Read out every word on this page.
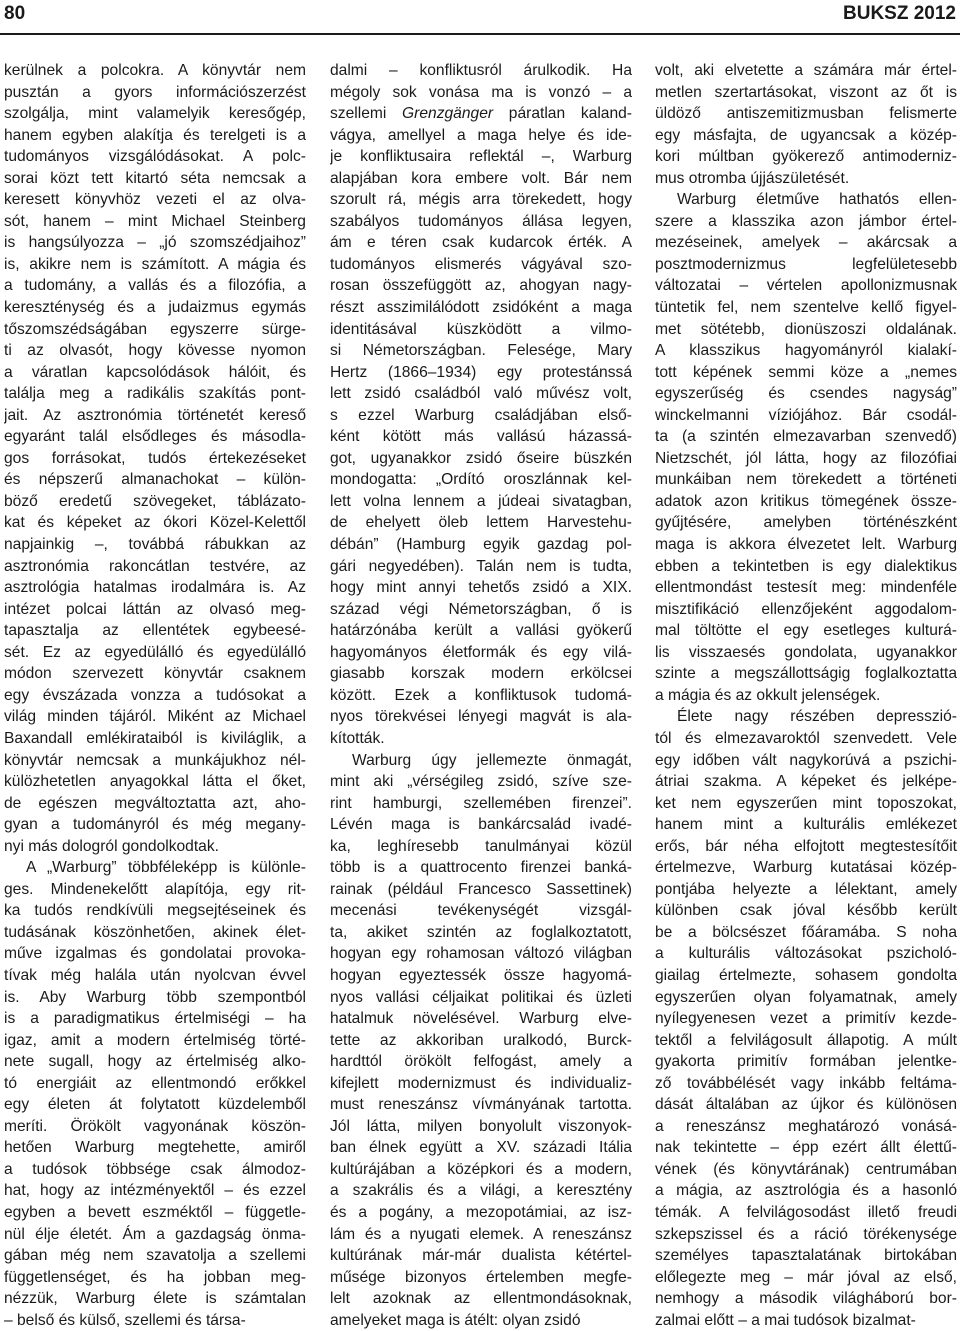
80	BUKSZ 2012
kerülnek a polcokra. A könyvtár nem
pusztán a gyors információszerzést
szolgálja, mint valamelyik keresőgép,
hanem egyben alakítja és terelgeti is a
tudományos vizsgálódásokat. A polc-
sorai közt tett kitartó séta nemcsak a
keresett könyvhöz vezeti el az olva-
sót, hanem – mint Michael Steinberg
is hangsúlyozza – „jó szomszédjaihoz”
is, akikre nem is számított. A mágia és
a tudomány, a vallás és a filozófia, a
kereszténység és a judaizmus egymás
tőszomszédságában egyszerre sürge-
ti az olvasót, hogy kövesse nyomon
a váratlan kapcsolódások hálóit, és
találja meg a radikális szakítás pont-
jait. Az asztronómia történetét kereső
egyaránt talál elsődleges és másodla-
gos forrásokat, tudós értekezéseket
és népszerű almanachokat – külön-
böző eredetű szövegeket, táblázato-
kat és képeket az ókori Közel-Kelettől
napjainkig –, továbbá rábukkan az
asztronómia rakoncátlan testvére, az
asztrológia hatalmas irodalmára is. Az
intézet polcai láttán az olvasó meg-
tapasztalja az ellentétek egybeesé-
sét. Ez az egyedülálló és egyedülálló
módon szervezett könyvtár csaknem
egy évszázada vonzza a tudósokat a
világ minden tájáról. Miként az Michael
Baxandall emlékirataiból is kiviláglik, a
könyvtár nemcsak a munkájukhoz nél-
külözhetetlen anyagokkal látta el őket,
de egészen megváltoztatta azt, aho-
gyan a tudományról és még megany-
nyi más dologról gondolkodtak.
A „Warburg” többféleképp is különle-
ges. Mindenekelőtt alapítója, egy rit-
ka tudós rendkívüli megsejtéseinek és
tudásának köszönhetően, akinek élet-
műve izgalmas és gondolatai provoka-
tívak még halála után nyolcvan évvel
is. Aby Warburg több szempontból
is a paradigmatikus értelmiségi – ha
igaz, amit a modern értelmiség törté-
nete sugall, hogy az értelmiség alko-
tó energiáit az ellentmondó erőkkel
egy életen át folytatott küzdelemből
meríti. Örökölt vagyonának köszön-
hetően Warburg megtehette, amiről
a tudósok többsége csak álmodoz-
hat, hogy az intézményektől – és ezzel
egyben a bevett eszméktől – függetle-
nül élje életét. Ám a gazdagság önma-
gában még nem szavatolja a szellemi
függetlenséget, és ha jobban meg-
nézzük, Warburg élete is számtalan
– belső és külső, szellemi és társa-
dalmi – konfliktusról árulkodik. Ha
mégoly sok vonása ma is vonzó – a
szellemi Grenzgänger páratlan kaland-
vágya, amellyel a maga helye és ide-
je konfliktusaira reflektál –, Warburg
alapjában kora embere volt. Bár nem
szorult rá, mégis arra törekedett, hogy
szabályos tudományos állása legyen,
ám e téren csak kudarcok érték. A
tudományos elismerés vágyával szo-
rosan összefüggött az, ahogyan nagy-
részt asszimilálódott zsidóként a maga
identitásával küszködött a vilmo-
si Németországban. Felesége, Mary
Hertz (1866–1934) egy protestánssá
lett zsidó családból való művész volt,
s ezzel Warburg családjában első-
ként kötött más vallású házassá-
got, ugyanakkor zsidó őseire büszkén
mondogatta: „Ordító oroszlánnak kel-
lett volna lennem a júdeai sivatagban,
de ehelyett öleb lettem Harvestehu-
débán” (Hamburg egyik gazdag pol-
gári negyedében). Talán nem is tudta,
hogy mint annyi tehetős zsidó a XIX.
század végi Németországban, ő is
határzónába került a vallási gyökerű
hagyományos életformák és egy vilá-
giasabb korszak modern erkölcsei
között. Ezek a konfliktusok tudomá-
nyos törekvései lényegi magvát is ala-
kították.
Warburg úgy jellemezte önmagát,
mint aki „vérségileg zsidó, szíve sze-
rint hamburgi, szellemében firenzei”.
Lévén maga is bankárcsalád ivadé-
ka, leghíresebb tanulmányai közül
több is a quattrocento firenzei banká-
rainak (például Francesco Sassettinek)
mecenási tevékenységét vizsgál-
ta, akiket szintén az foglalkoztatott,
hogyan egy rohamosan változó világban
hogyan egyeztessék össze hagyomá-
nyos vallási céljaikat politikai és üzleti
hatalmuk növelésével. Warburg elve-
tette az akkoriban uralkodó, Burck-
hardttól örökölt felfogást, amely a
kifejlett modernizmust és individualiz-
must reneszánsz vívmányának tartotta.
Jól látta, milyen bonyolult viszonyok-
ban élnek együtt a XV. századi Itália
kultúrájában a középkori és a modern,
a szakrális és a világi, a keresztény
és a pogány, a mezopotámiai, az isz-
lám és a nyugati elemek. A reneszánsz
kultúrának már-már dualista kétértel-
műsége bizonyos értelemben megfe-
lelt azoknak az ellentmondásoknak,
amelyeket maga is átélt: olyan zsidó
volt, aki elvetette a számára már értel-
metlen szertartásokat, viszont az őt is
üldöző antiszemitizmusban felismerte
egy másfajta, de ugyancsak a közép-
kori múltban gyökerező antimoderniz-
mus otromba újjászületését.
Warburg életművе hathatós ellen-
szere a klasszika azon jámbor értel-
mezéseinek, amelyek – akárcsak a
posztmodernizmus legfelületesebb
változatai – vértelen apollonizmusnak
tüntetik fel, nem szentelve kellő figyel-
met sötétebb, dionüszoszi oldalának.
A klasszikus hagyományról kialakí-
tott képének semmi köze a „nemes
egyszerűség és csendes nagyság”
winckelmanni víziójához. Bár csodál-
ta (a szintén elmezavarban szenvedő)
Nietzschét, jól látta, hogy az filozófiai
munkáiban nem törekedett a történeti
adatok azon kritikus tömegének össze-
gyűjtésére, amelyben történészként
maga is akkora élvezetet lelt. Warburg
ebben a tekintetben is egy dialektikus
ellentmondást testesít meg: mindenféle
misztifikáció ellenzőjeként aggodalom-
mal töltötte el egy esetleges kulturá-
lis visszaesés gondolata, ugyanakkor
szinte a megszállottságig foglalkoztatta
a mágia és az okkult jelenségek.
Élete nagy részében depresszió-
tól és elmezavaroktól szenvedett. Vele
egy időben vált nagykorúvá a pszichi-
átriai szakma. A képeket és jelképe-
ket nem egyszerűen mint toposzokat,
hanem mint a kulturális emlékezet
erős, bár néha elfojtott megtestesítőit
értelmezve, Warburg kutatásai közép-
pontjába helyezte a lélektant, amely
különben csak jóval később került
be a bölcsészet főáramába. S noha
a kulturális változásokat pszicholó-
giailag értelmezte, sohasem gondolta
egyszerűen olyan folyamatnak, amely
nyílegyenesen vezet a primitív kezde-
tektől a felvilágosult állapotig. A múlt
gyakorta primitív formában jelentke-
ző továbbélését vagy inkább feltáma-
dását általában az újkor és különösen
a reneszánsz meghatározó vonásá-
nak tekintette – épp ezért állt élettű-
vének (és könyvtárának) centrumában
a mágia, az asztrológia és a hasonló
témák. A felvilágosodást illető freudi
szkepszissel és a ráció törékenysége
személyes tapasztalatának birtokában
előlegezte meg – már jóval az első,
nemhogy a második világháború bor-
zalmai előtt – a mai tudósok bizalmat-
